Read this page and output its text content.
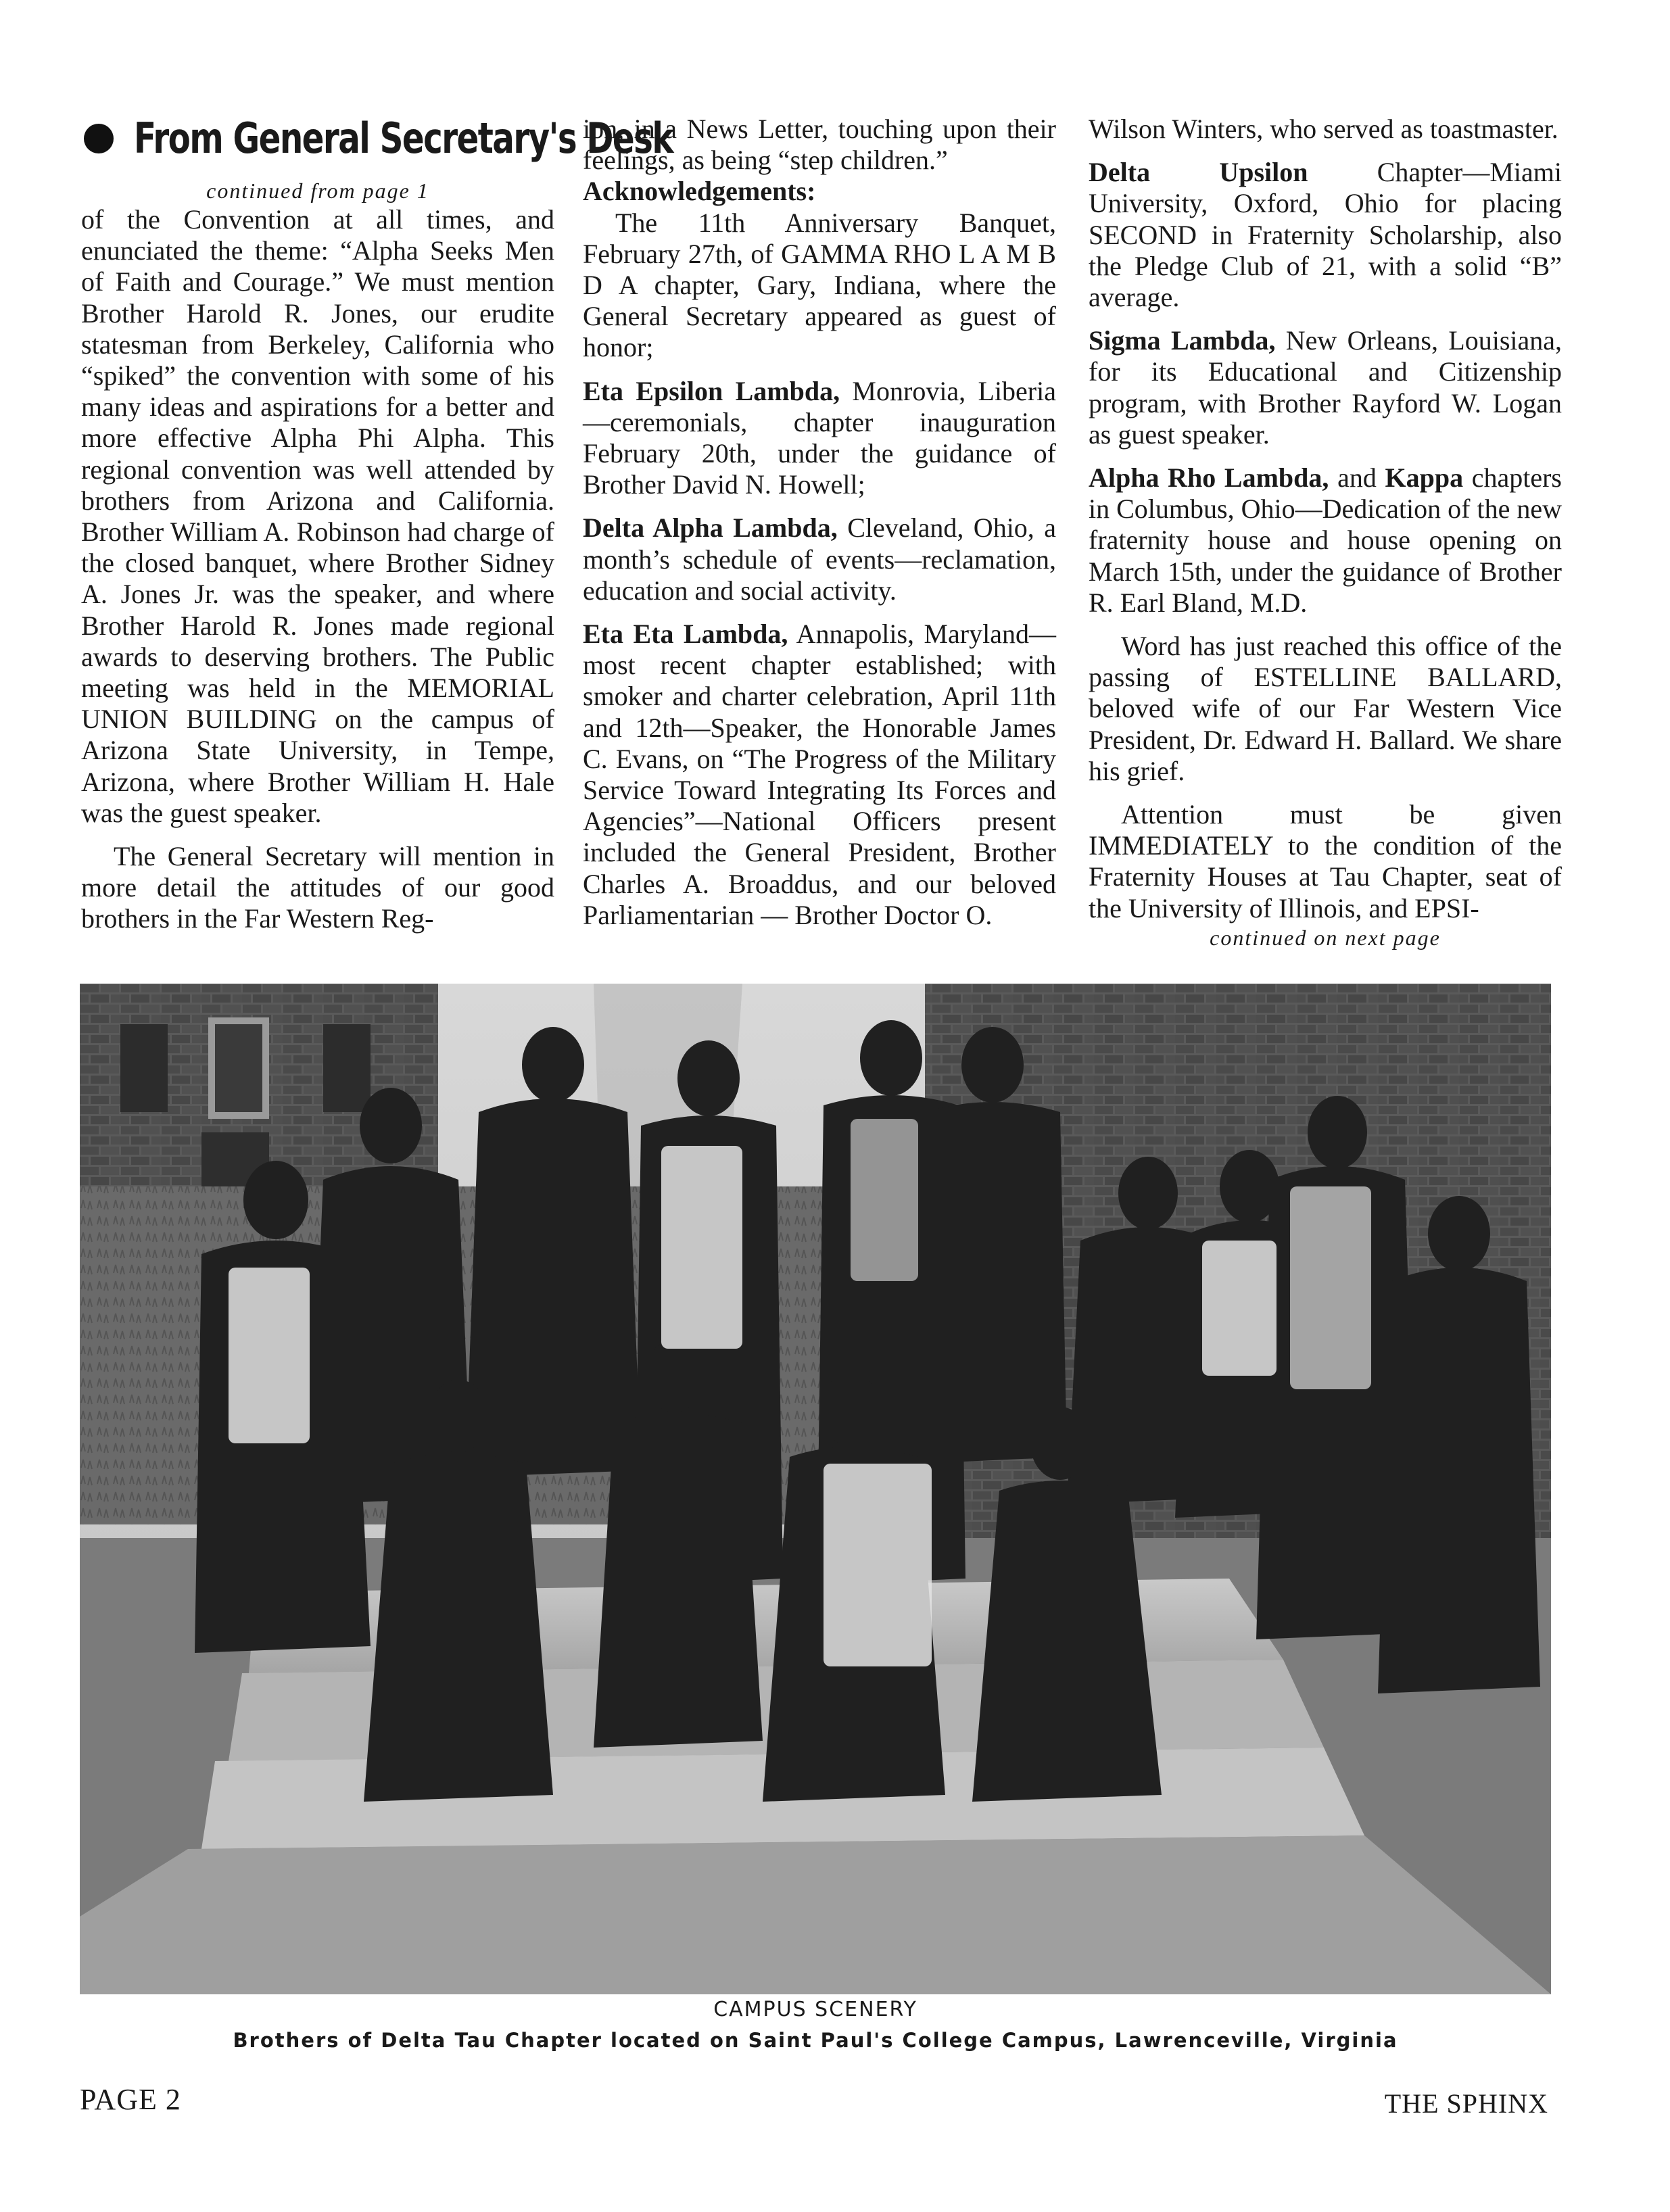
From General Secretary's Desk
continued from page 1

of the Convention at all times, and enunciated the theme: “Alpha Seeks Men of Faith and Courage.” We must mention Brother Harold R. Jones, our erudite statesman from Berkeley, California who “spiked” the convention with some of his many ideas and aspirations for a better and more effective Alpha Phi Alpha. This regional convention was well attended by brothers from Arizona and California. Brother William A. Robinson had charge of the closed banquet, where Brother Sidney A. Jones Jr. was the speaker, and where Brother Harold R. Jones made regional awards to deserving brothers. The Public meeting was held in the MEMORIAL UNION BUILDING on the campus of Arizona State University, in Tempe, Arizona, where Brother William H. Hale was the guest speaker.

The General Secretary will mention in more detail the attitudes of our good brothers in the Far Western Reg-

ion, in a News Letter, touching upon their feelings, as being “step children.”

Acknowledgements:

The 11th Anniversary Banquet, February 27th, of GAMMA RHO L A M B D A chapter, Gary, Indiana, where the General Secretary appeared as guest of honor;

Eta Epsilon Lambda, Monrovia, Liberia—ceremonials, chapter inauguration February 20th, under the guidance of Brother David N. Howell;

Delta Alpha Lambda, Cleveland, Ohio, a month’s schedule of events—reclamation, education and social activity.

Eta Eta Lambda, Annapolis, Maryland—most recent chapter established; with smoker and charter celebration, April 11th and 12th—Speaker, the Honorable James C. Evans, on “The Progress of the Military Service Toward Integrating Its Forces and Agencies”—National Officers present included the General President, Brother Charles A. Broaddus, and our beloved Parliamentarian — Brother Doctor O.

Wilson Winters, who served as toastmaster.

Delta Upsilon Chapter—Miami University, Oxford, Ohio for placing SECOND in Fraternity Scholarship, also the Pledge Club of 21, with a solid “B” average.

Sigma Lambda, New Orleans, Louisiana, for its Educational and Citizenship program, with Brother Rayford W. Logan as guest speaker.

Alpha Rho Lambda, and Kappa chapters in Columbus, Ohio—Dedication of the new fraternity house and house opening on March 15th, under the guidance of Brother R. Earl Bland, M.D.

Word has just reached this office of the passing of ESTELLINE BALLARD, beloved wife of our Far Western Vice President, Dr. Edward H. Ballard. We share his grief.

Attention must be given IMMEDIATELY to the condition of the Fraternity Houses at Tau Chapter, seat of the University of Illinois, and EPSI-

continued on next page
CAMPUS SCENERY
Brothers of Delta Tau Chapter located on Saint Paul's College Campus, Lawrenceville, Virginia
PAGE 2	THE SPHINX
